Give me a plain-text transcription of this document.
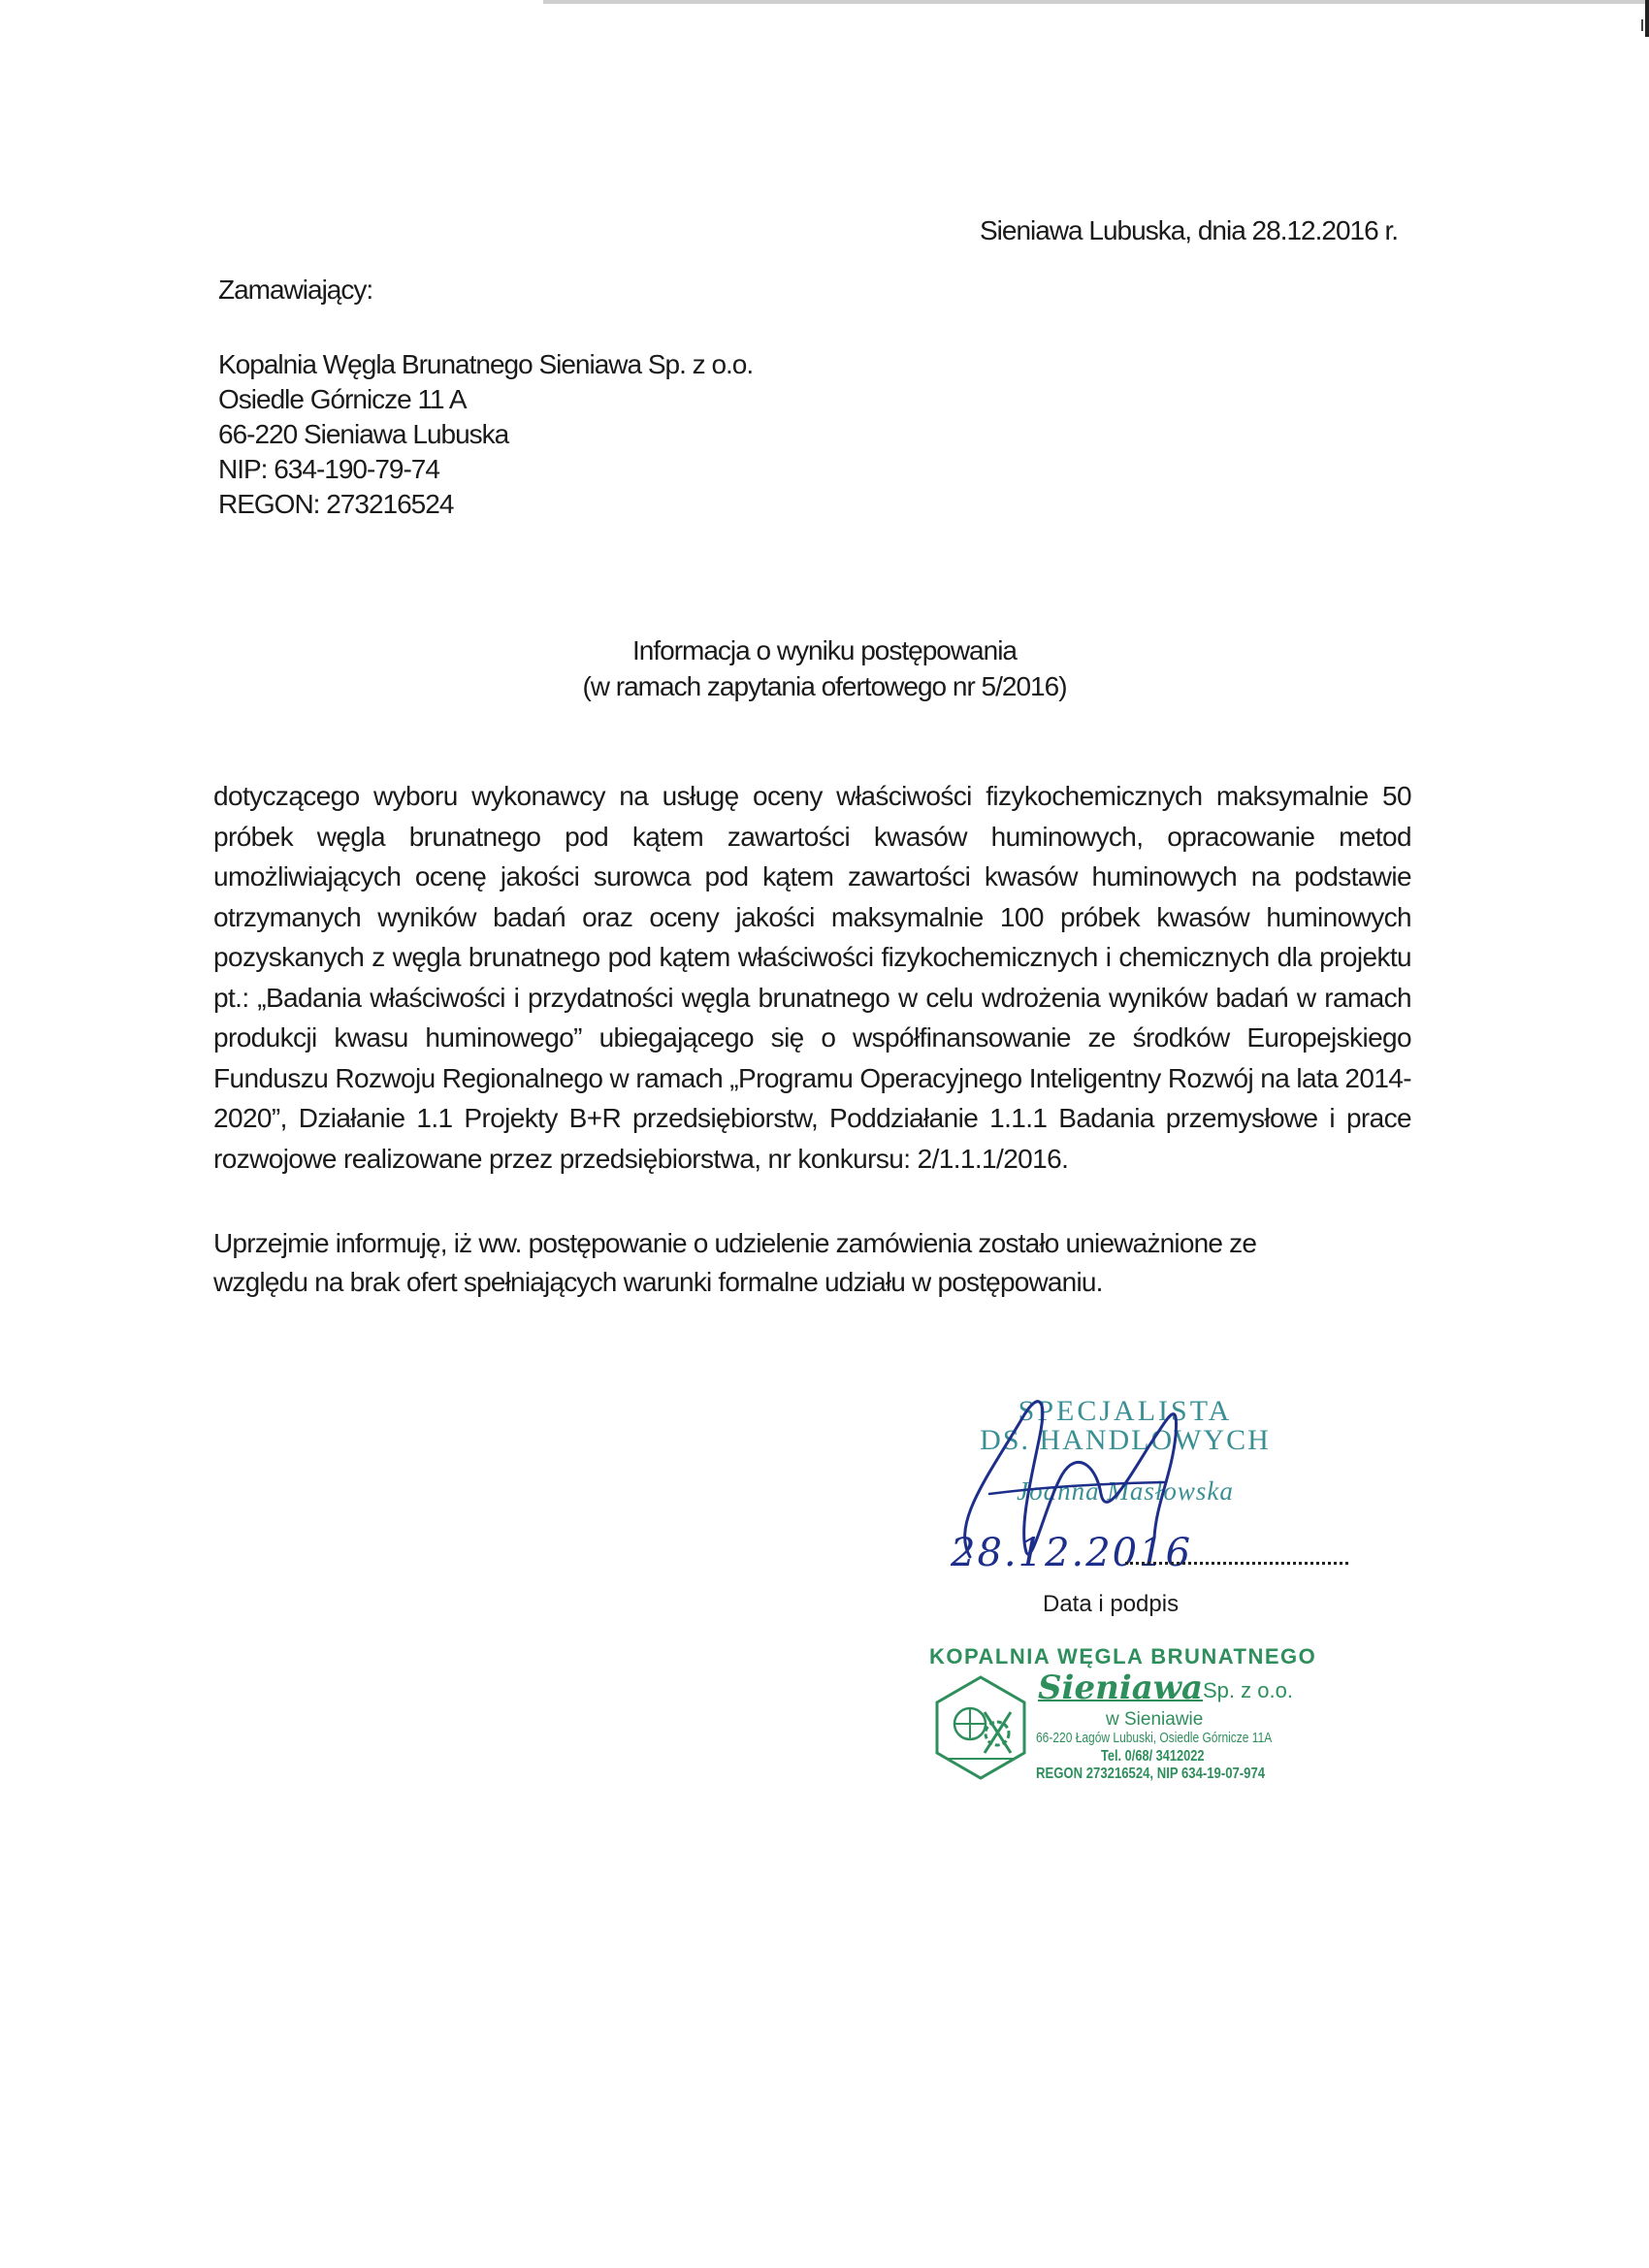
Sieniawa Lubuska, dnia 28.12.2016 r.
Zamawiający:
Kopalnia Węgla Brunatnego Sieniawa Sp. z o.o.
Osiedle Górnicze 11 A
66-220 Sieniawa Lubuska
NIP: 634-190-79-74
REGON: 273216524
Informacja o wyniku postępowania
(w ramach zapytania ofertowego nr 5/2016)
dotyczącego wyboru wykonawcy na usługę oceny właściwości fizykochemicznych maksymalnie 50 próbek węgla brunatnego pod kątem zawartości kwasów huminowych, opracowanie metod umożliwiających ocenę jakości surowca pod kątem zawartości kwasów huminowych na podstawie otrzymanych wyników badań oraz oceny jakości maksymalnie 100 próbek kwasów huminowych pozyskanych z węgla brunatnego pod kątem właściwości fizykochemicznych i chemicznych dla projektu pt.: „Badania właściwości i przydatności węgla brunatnego w celu wdrożenia wyników badań w ramach produkcji kwasu huminowego” ubiegającego się o współfinansowanie ze środków Europejskiego Funduszu Rozwoju Regionalnego w ramach „Programu Operacyjnego Inteligentny Rozwój na lata 2014-2020”, Działanie 1.1 Projekty B+R przedsiębiorstw, Poddziałanie 1.1.1 Badania przemysłowe i prace rozwojowe realizowane przez przedsiębiorstwa, nr konkursu: 2/1.1.1/2016.
Uprzejmie informuję, iż ww. postępowanie o udzielenie zamówienia zostało unieważnione ze względu na brak ofert spełniających warunki formalne udziału w postępowaniu.
SPECJALISTA
DS. HANDLOWYCH
Joanna Masłowska
28.12.2016
Data i podpis
KOPALNIA WĘGLA BRUNATNEGO
Sieniawa Sp. z o.o.
w Sieniawie
66-220 Łagów Lubuski, Osiedle Górnicze 11A
Tel. 0/68/ 3412022
REGON 273216524, NIP 634-19-07-974
